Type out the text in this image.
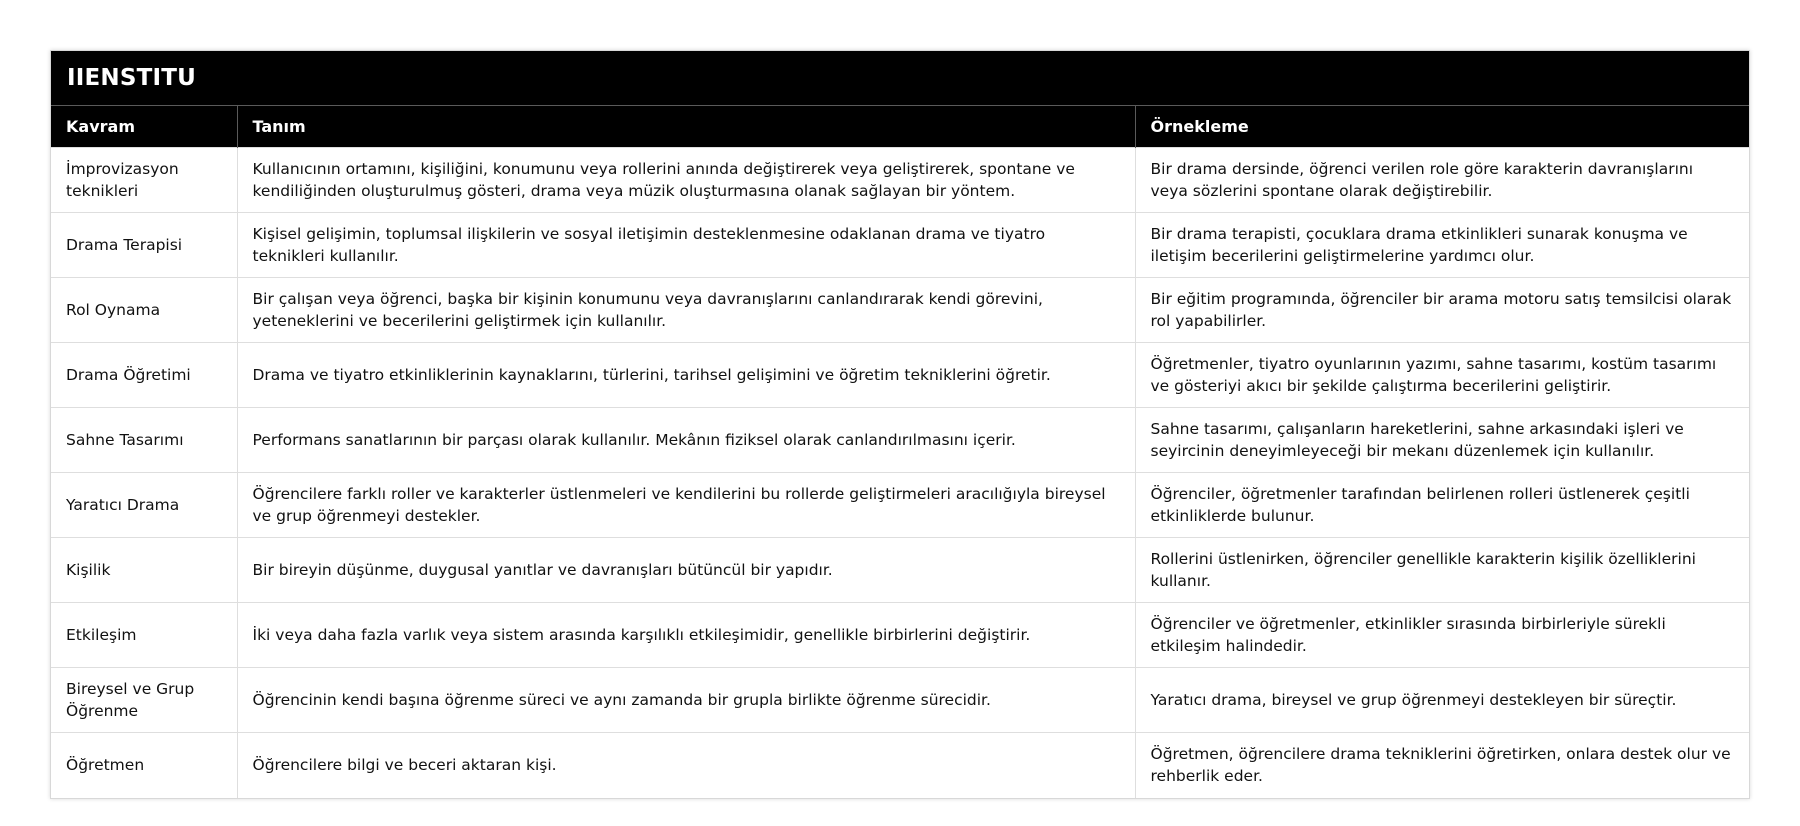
IIENSTITU
Kavram	Tanım	Örnekleme
İmprovizasyon teknikleri	Kullanıcının ortamını, kişiliğini, konumunu veya rollerini anında değiştirerek veya geliştirerek, spontane ve kendiliğinden oluşturulmuş gösteri, drama veya müzik oluşturmasına olanak sağlayan bir yöntem.	Bir drama dersinde, öğrenci verilen role göre karakterin davranışlarını veya sözlerini spontane olarak değiştirebilir.
Drama Terapisi	Kişisel gelişimin, toplumsal ilişkilerin ve sosyal iletişimin desteklenmesine odaklanan drama ve tiyatro teknikleri kullanılır.	Bir drama terapisti, çocuklara drama etkinlikleri sunarak konuşma ve iletişim becerilerini geliştirmelerine yardımcı olur.
Rol Oynama	Bir çalışan veya öğrenci, başka bir kişinin konumunu veya davranışlarını canlandırarak kendi görevini, yeteneklerini ve becerilerini geliştirmek için kullanılır.	Bir eğitim programında, öğrenciler bir arama motoru satış temsilcisi olarak rol yapabilirler.
Drama Öğretimi	Drama ve tiyatro etkinliklerinin kaynaklarını, türlerini, tarihsel gelişimini ve öğretim tekniklerini öğretir.	Öğretmenler, tiyatro oyunlarının yazımı, sahne tasarımı, kostüm tasarımı ve gösteriyi akıcı bir şekilde çalıştırma becerilerini geliştirir.
Sahne Tasarımı	Performans sanatlarının bir parçası olarak kullanılır. Mekânın fiziksel olarak canlandırılmasını içerir.	Sahne tasarımı, çalışanların hareketlerini, sahne arkasındaki işleri ve seyircinin deneyimleyeceği bir mekanı düzenlemek için kullanılır.
Yaratıcı Drama	Öğrencilere farklı roller ve karakterler üstlenmeleri ve kendilerini bu rollerde geliştirmeleri aracılığıyla bireysel ve grup öğrenmeyi destekler.	Öğrenciler, öğretmenler tarafından belirlenen rolleri üstlenerek çeşitli etkinliklerde bulunur.
Kişilik	Bir bireyin düşünme, duygusal yanıtlar ve davranışları bütüncül bir yapıdır.	Rollerini üstlenirken, öğrenciler genellikle karakterin kişilik özelliklerini kullanır.
Etkileşim	İki veya daha fazla varlık veya sistem arasında karşılıklı etkileşimidir, genellikle birbirlerini değiştirir.	Öğrenciler ve öğretmenler, etkinlikler sırasında birbirleriyle sürekli etkileşim halindedir.
Bireysel ve Grup Öğrenme	Öğrencinin kendi başına öğrenme süreci ve aynı zamanda bir grupla birlikte öğrenme sürecidir.	Yaratıcı drama, bireysel ve grup öğrenmeyi destekleyen bir süreçtir.
Öğretmen	Öğrencilere bilgi ve beceri aktaran kişi.	Öğretmen, öğrencilere drama tekniklerini öğretirken, onlara destek olur ve rehberlik eder.
